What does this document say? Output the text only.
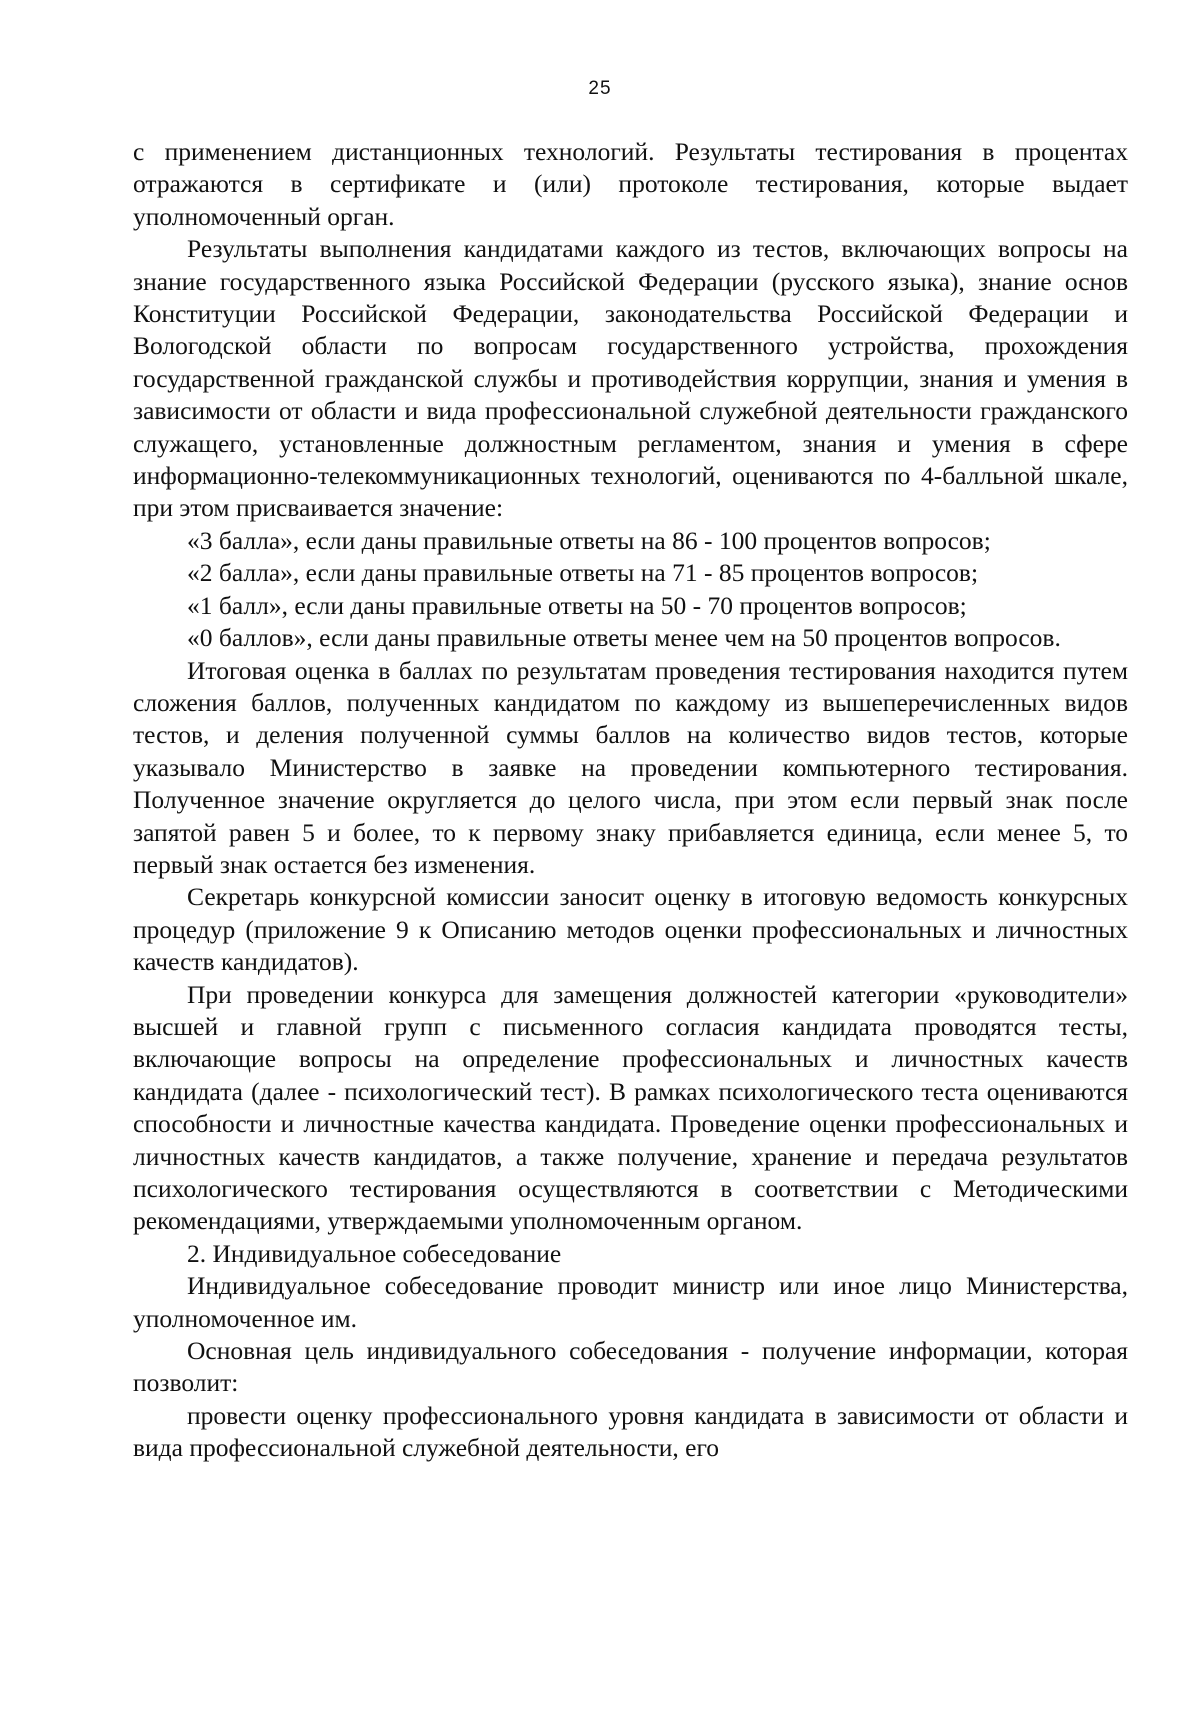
25

с применением дистанционных технологий. Результаты тестирования в процентах отражаются в сертификате и (или) протоколе тестирования, которые выдает уполномоченный орган.

Результаты выполнения кандидатами каждого из тестов, включающих вопросы на знание государственного языка Российской Федерации (русского языка), знание основ Конституции Российской Федерации, законодательства Российской Федерации и Вологодской области по вопросам государственного устройства, прохождения государственной гражданской службы и противодействия коррупции, знания и умения в зависимости от области и вида профессиональной служебной деятельности гражданского служащего, установленные должностным регламентом, знания и умения в сфере информационно-телекоммуникационных технологий, оцениваются по 4-балльной шкале, при этом присваивается значение:

«3 балла», если даны правильные ответы на 86 - 100 процентов вопросов;

«2 балла», если даны правильные ответы на 71 - 85 процентов вопросов;

«1 балл», если даны правильные ответы на 50 - 70 процентов вопросов;

«0 баллов», если даны правильные ответы менее чем на 50 процентов вопросов.

Итоговая оценка в баллах по результатам проведения тестирования находится путем сложения баллов, полученных кандидатом по каждому из вышеперечисленных видов тестов, и деления полученной суммы баллов на количество видов тестов, которые указывало Министерство в заявке на проведении компьютерного тестирования. Полученное значение округляется до целого числа, при этом если первый знак после запятой равен 5 и более, то к первому знаку прибавляется единица, если менее 5, то первый знак остается без изменения.

Секретарь конкурсной комиссии заносит оценку в итоговую ведомость конкурсных процедур (приложение 9 к Описанию методов оценки профессиональных и личностных качеств кандидатов).

При проведении конкурса для замещения должностей категории «руководители» высшей и главной групп с письменного согласия кандидата проводятся тесты, включающие вопросы на определение профессиональных и личностных качеств кандидата (далее - психологический тест). В рамках психологического теста оцениваются способности и личностные качества кандидата. Проведение оценки профессиональных и личностных качеств кандидатов, а также получение, хранение и передача результатов психологического тестирования осуществляются в соответствии с Методическими рекомендациями, утверждаемыми уполномоченным органом.

2. Индивидуальное собеседование

Индивидуальное собеседование проводит министр или иное лицо Министерства, уполномоченное им.

Основная цель индивидуального собеседования - получение информации, которая позволит:

провести оценку профессионального уровня кандидата в зависимости от области и вида профессиональной служебной деятельности, его
